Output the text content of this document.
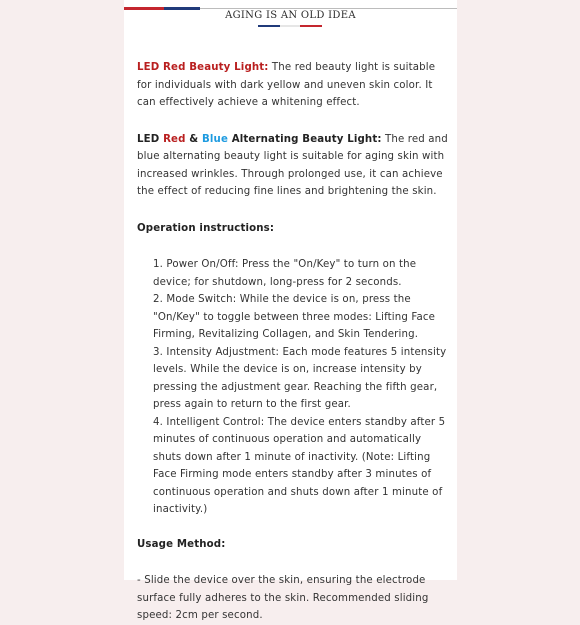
AGING IS AN OLD IDEA

LED Red Beauty Light: The red beauty light is suitable for individuals with dark yellow and uneven skin color. It can effectively achieve a whitening effect.

LED Red & Blue Alternating Beauty Light: The red and blue alternating beauty light is suitable for aging skin with increased wrinkles. Through prolonged use, it can achieve the effect of reducing fine lines and brightening the skin.

Operation instructions:
1. Power On/Off: Press the "On/Key" to turn on the device; for shutdown, long-press for 2 seconds.
2. Mode Switch: While the device is on, press the "On/Key" to toggle between three modes: Lifting Face Firming, Revitalizing Collagen, and Skin Tendering.
3. Intensity Adjustment: Each mode features 5 intensity levels. While the device is on, increase intensity by pressing the adjustment gear. Reaching the fifth gear, press again to return to the first gear.
4. Intelligent Control: The device enters standby after 5 minutes of continuous operation and automatically shuts down after 1 minute of inactivity. (Note: Lifting Face Firming mode enters standby after 3 minutes of continuous operation and shuts down after 1 minute of inactivity.)
Usage Method:

- Slide the device over the skin, ensuring the electrode surface fully adheres to the skin. Recommended sliding speed: 2cm per second.
